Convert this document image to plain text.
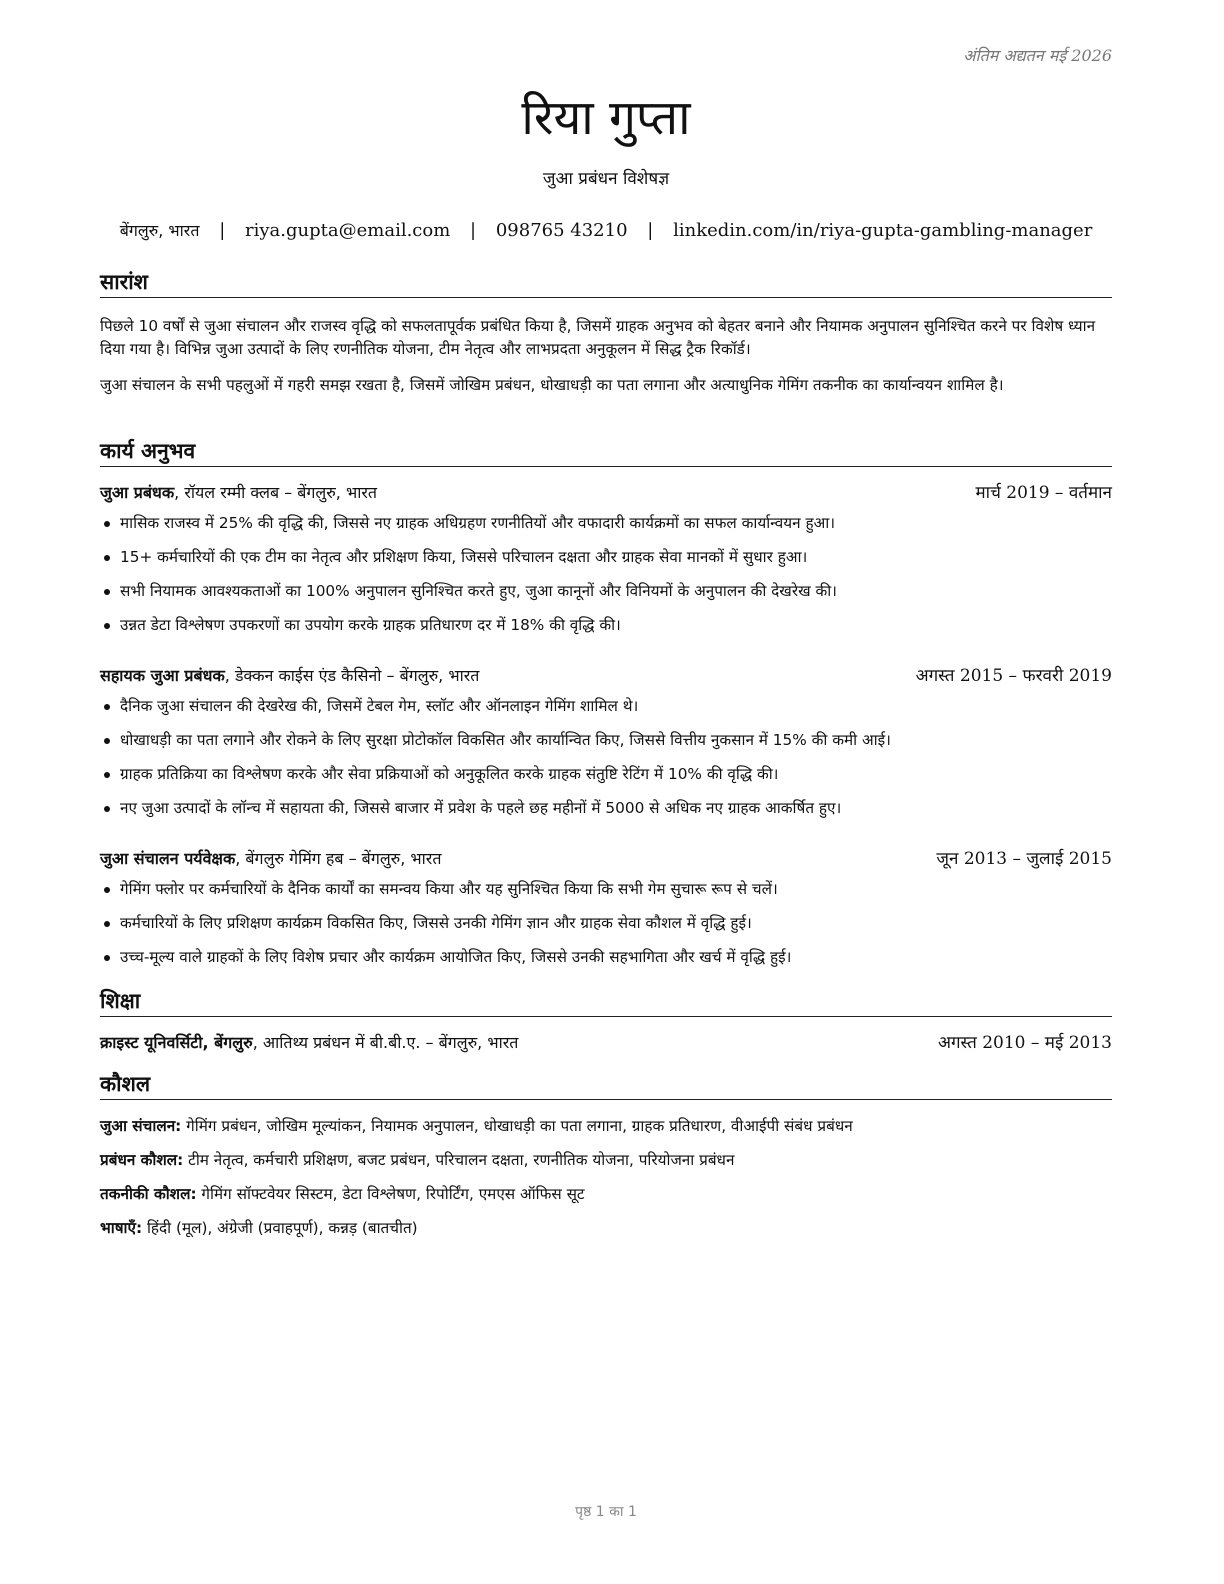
अंतिम अद्यतन मई 2026
रिया गुप्ता
जुआ प्रबंधन विशेषज्ञ
बेंगलुरु, भारत | riya.gupta@email.com | 098765 43210 | linkedin.com/in/riya-gupta-gambling-manager
सारांश
पिछले 10 वर्षों से जुआ संचालन और राजस्व वृद्धि को सफलतापूर्वक प्रबंधित किया है, जिसमें ग्राहक अनुभव को बेहतर बनाने और नियामक अनुपालन सुनिश्चित करने पर विशेष ध्यान दिया गया है। विभिन्न जुआ उत्पादों के लिए रणनीतिक योजना, टीम नेतृत्व और लाभप्रदता अनुकूलन में सिद्ध ट्रैक रिकॉर्ड।
जुआ संचालन के सभी पहलुओं में गहरी समझ रखता है, जिसमें जोखिम प्रबंधन, धोखाधड़ी का पता लगाना और अत्याधुनिक गेमिंग तकनीक का कार्यान्वयन शामिल है।
कार्य अनुभव
जुआ प्रबंधक, रॉयल रम्मी क्लब – बेंगलुरु, भारत	मार्च 2019 – वर्तमान
मासिक राजस्व में 25% की वृद्धि की, जिससे नए ग्राहक अधिग्रहण रणनीतियों और वफादारी कार्यक्रमों का सफल कार्यान्वयन हुआ।
15+ कर्मचारियों की एक टीम का नेतृत्व और प्रशिक्षण किया, जिससे परिचालन दक्षता और ग्राहक सेवा मानकों में सुधार हुआ।
सभी नियामक आवश्यकताओं का 100% अनुपालन सुनिश्चित करते हुए, जुआ कानूनों और विनियमों के अनुपालन की देखरेख की।
उन्नत डेटा विश्लेषण उपकरणों का उपयोग करके ग्राहक प्रतिधारण दर में 18% की वृद्धि की।
सहायक जुआ प्रबंधक, डेक्कन काईस एंड कैसिनो – बेंगलुरु, भारत	अगस्त 2015 – फरवरी 2019
दैनिक जुआ संचालन की देखरेख की, जिसमें टेबल गेम, स्लॉट और ऑनलाइन गेमिंग शामिल थे।
धोखाधड़ी का पता लगाने और रोकने के लिए सुरक्षा प्रोटोकॉल विकसित और कार्यान्वित किए, जिससे वित्तीय नुकसान में 15% की कमी आई।
ग्राहक प्रतिक्रिया का विश्लेषण करके और सेवा प्रक्रियाओं को अनुकूलित करके ग्राहक संतुष्टि रेटिंग में 10% की वृद्धि की।
नए जुआ उत्पादों के लॉन्च में सहायता की, जिससे बाजार में प्रवेश के पहले छह महीनों में 5000 से अधिक नए ग्राहक आकर्षित हुए।
जुआ संचालन पर्यवेक्षक, बेंगलुरु गेमिंग हब – बेंगलुरु, भारत	जून 2013 – जुलाई 2015
गेमिंग फ्लोर पर कर्मचारियों के दैनिक कार्यों का समन्वय किया और यह सुनिश्चित किया कि सभी गेम सुचारू रूप से चलें।
कर्मचारियों के लिए प्रशिक्षण कार्यक्रम विकसित किए, जिससे उनकी गेमिंग ज्ञान और ग्राहक सेवा कौशल में वृद्धि हुई।
उच्च-मूल्य वाले ग्राहकों के लिए विशेष प्रचार और कार्यक्रम आयोजित किए, जिससे उनकी सहभागिता और खर्च में वृद्धि हुई।
शिक्षा
क्राइस्ट यूनिवर्सिटी, बेंगलुरु, आतिथ्य प्रबंधन में बी.बी.ए. – बेंगलुरु, भारत	अगस्त 2010 – मई 2013
कौशल
जुआ संचालन: गेमिंग प्रबंधन, जोखिम मूल्यांकन, नियामक अनुपालन, धोखाधड़ी का पता लगाना, ग्राहक प्रतिधारण, वीआईपी संबंध प्रबंधन
प्रबंधन कौशल: टीम नेतृत्व, कर्मचारी प्रशिक्षण, बजट प्रबंधन, परिचालन दक्षता, रणनीतिक योजना, परियोजना प्रबंधन
तकनीकी कौशल: गेमिंग सॉफ्टवेयर सिस्टम, डेटा विश्लेषण, रिपोर्टिंग, एमएस ऑफिस सूट
भाषाएँ: हिंदी (मूल), अंग्रेजी (प्रवाहपूर्ण), कन्नड़ (बातचीत)
पृष्ठ 1 का 1
